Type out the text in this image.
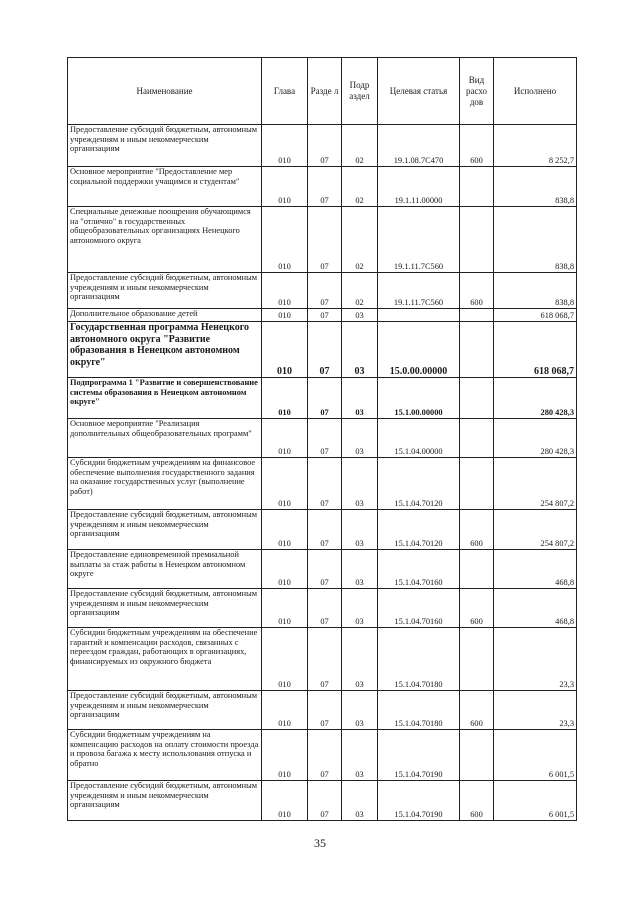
Наименование	Глава	Разде л	Подр аздел	Целевая статья	Вид расхо дов	Исполнено
Предоставление субсидий бюджетным, автономным учреждениям и иным некоммерческим организациям	010	07	02	19.1.08.7С470	600	8 252,7
Основное мероприятие "Предоставление мер социальной поддержки учащимся и студентам"	010	07	02	19.1.11.00000		838,8
Специальные денежные поощрения обучающимся на "отлично" в государственных общеобразовательных организациях Ненецкого автономного округа	010	07	02	19.1.11.7С560		838,8
Предоставление субсидий бюджетным, автономным учреждениям и иным некоммерческим организациям	010	07	02	19.1.11.7С560	600	838,8
Дополнительное образование детей	010	07	03			618 068,7
Государственная программа Ненецкого автономного округа "Развитие образования в Ненецком автономном округе"	010	07	03	15.0.00.00000		618 068,7
Подпрограмма 1 "Развитие и совершенствование системы образования в Ненецком автономном округе"	010	07	03	15.1.00.00000		280 428,3
Основное мероприятие "Реализация дополнительных общеобразовательных программ"	010	07	03	15.1.04.00000		280 428,3
Субсидии бюджетным учреждениям на финансовое обеспечение выполнения государственного задания на оказание государственных услуг (выполнение работ)	010	07	03	15.1.04.70120		254 807,2
Предоставление субсидий бюджетным, автономным учреждениям и иным некоммерческим организациям	010	07	03	15.1.04.70120	600	254 807,2
Предоставление единовременной премиальной выплаты за стаж работы в Ненецком автономном округе	010	07	03	15.1.04.70160		468,8
Предоставление субсидий бюджетным, автономным учреждениям и иным некоммерческим организациям	010	07	03	15.1.04.70160	600	468,8
Субсидии бюджетным учреждениям на обеспечение гарантий и компенсации расходов, связанных с переездом граждан, работающих в организациях, финансируемых из окружного бюджета	010	07	03	15.1.04.70180		23,3
Предоставление субсидий бюджетным, автономным учреждениям и иным некоммерческим организациям	010	07	03	15.1.04.70180	600	23,3
Субсидии бюджетным учреждениям на компенсацию расходов на оплату стоимости проезда и провоза багажа к месту использования отпуска и обратно	010	07	03	15.1.04.70190		6 001,5
Предоставление субсидий бюджетным, автономным учреждениям и иным некоммерческим организациям	010	07	03	15.1.04.70190	600	6 001,5
35
